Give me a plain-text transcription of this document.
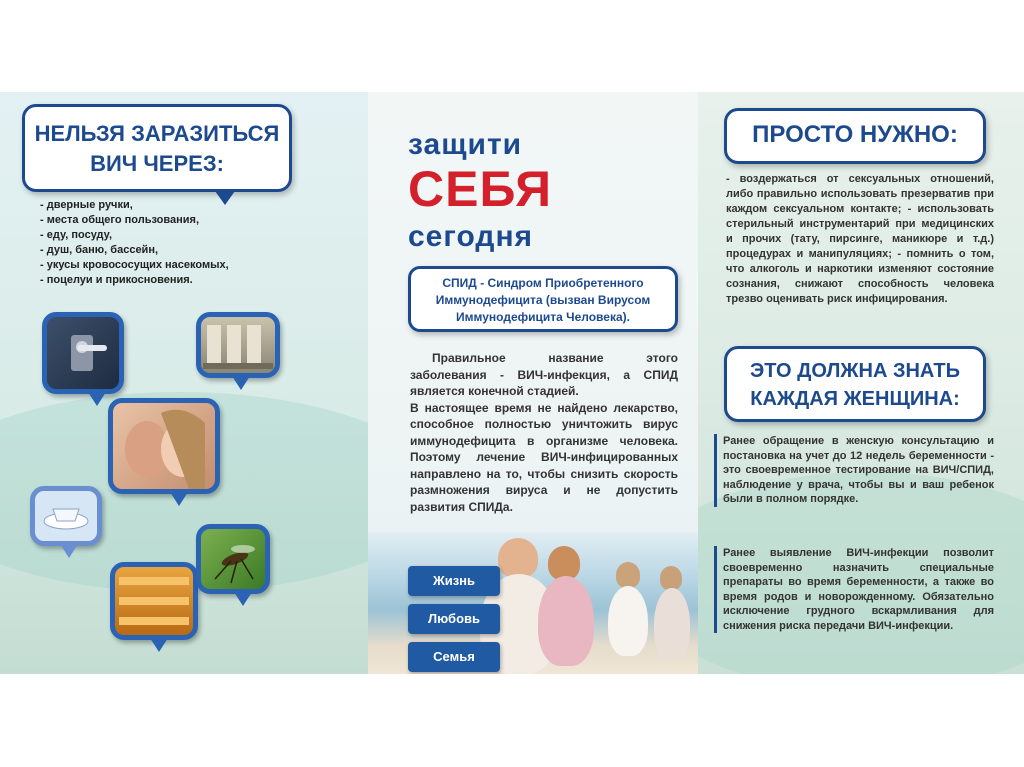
НЕЛЬЗЯ ЗАРАЗИТЬСЯ ВИЧ ЧЕРЕЗ:
- дверные ручки,
- места общего пользования,
- еду, посуду,
- душ, баню, бассейн,
- укусы кровососущих насекомых,
- поцелуи и прикосновения.
защити
СЕБЯ
сегодня
СПИД - Синдром Приобретенного Иммунодефицита (вызван Вирусом Иммунодефицита Человека).

Правильное название этого заболевания - ВИЧ-инфекция, а СПИД является конечной стадией.

В настоящее время не найдено лекарство, способное полностью уничтожить вирус иммунодефицита в организме человека. Поэтому лечение ВИЧ-инфицированных направлено на то, чтобы снизить скорость размножения вируса и не допустить развития СПИДа.

Жизнь
Любовь
Семья
ПРОСТО НУЖНО:
- воздержаться от сексуальных отношений, либо правильно использовать презерватив при каждом сексуальном контакте; - использовать стерильный инструментарий при медицинских и прочих (тату, пирсинге, маникюре и т.д.) процедурах и манипуляциях; - помнить о том, что алкоголь и наркотики изменяют состояние сознания, снижают способность человека трезво оценивать риск инфицирования.
ЭТО ДОЛЖНА ЗНАТЬ КАЖДАЯ ЖЕНЩИНА:
Ранее обращение в женскую консультацию и постановка на учет до 12 недель беременности - это своевременное тестирование на ВИЧ/СПИД, наблюдение у врача, чтобы вы и ваш ребенок были в полном порядке.
Ранее выявление ВИЧ-инфекции позволит своевременно назначить специальные препараты во время беременности, а также во время родов и новорожденному. Обязательно исключение грудного вскармливания для снижения риска передачи ВИЧ-инфекции.
